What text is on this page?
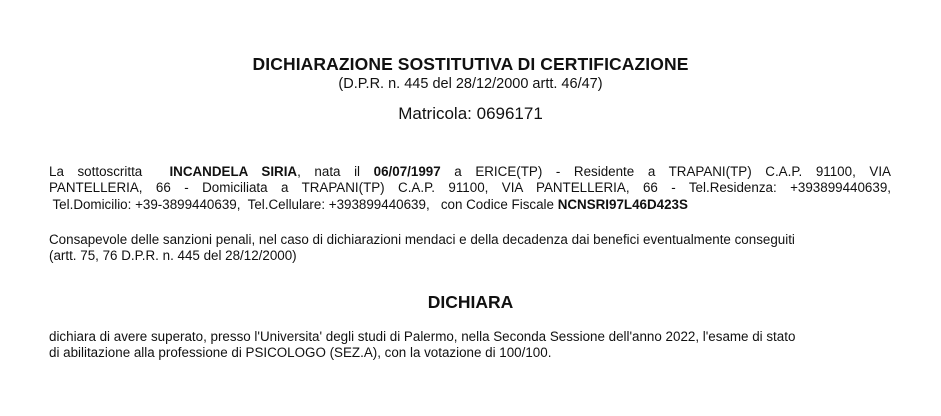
DICHIARAZIONE SOSTITUTIVA DI CERTIFICAZIONE
(D.P.R. n. 445 del 28/12/2000 artt. 46/47)
Matricola: 0696171
La sottoscritta INCANDELA SIRIA, nata il 06/07/1997 a ERICE(TP) - Residente a TRAPANI(TP) C.A.P. 91100, VIA
PANTELLERIA, 66 - Domiciliata a TRAPANI(TP) C.A.P. 91100, VIA PANTELLERIA, 66 - Tel.Residenza: +393899440639,
Tel.Domicilio: +39-3899440639,  Tel.Cellulare: +393899440639,   con Codice Fiscale NCNSRI97L46D423S
Consapevole delle sanzioni penali, nel caso di dichiarazioni mendaci e della decadenza dai benefici eventualmente conseguiti
(artt. 75, 76 D.P.R. n. 445 del 28/12/2000)
DICHIARA
dichiara di avere superato, presso l'Universita' degli studi di Palermo, nella Seconda Sessione dell'anno 2022, l'esame di stato
di abilitazione alla professione di PSICOLOGO (SEZ.A), con la votazione di 100/100.
